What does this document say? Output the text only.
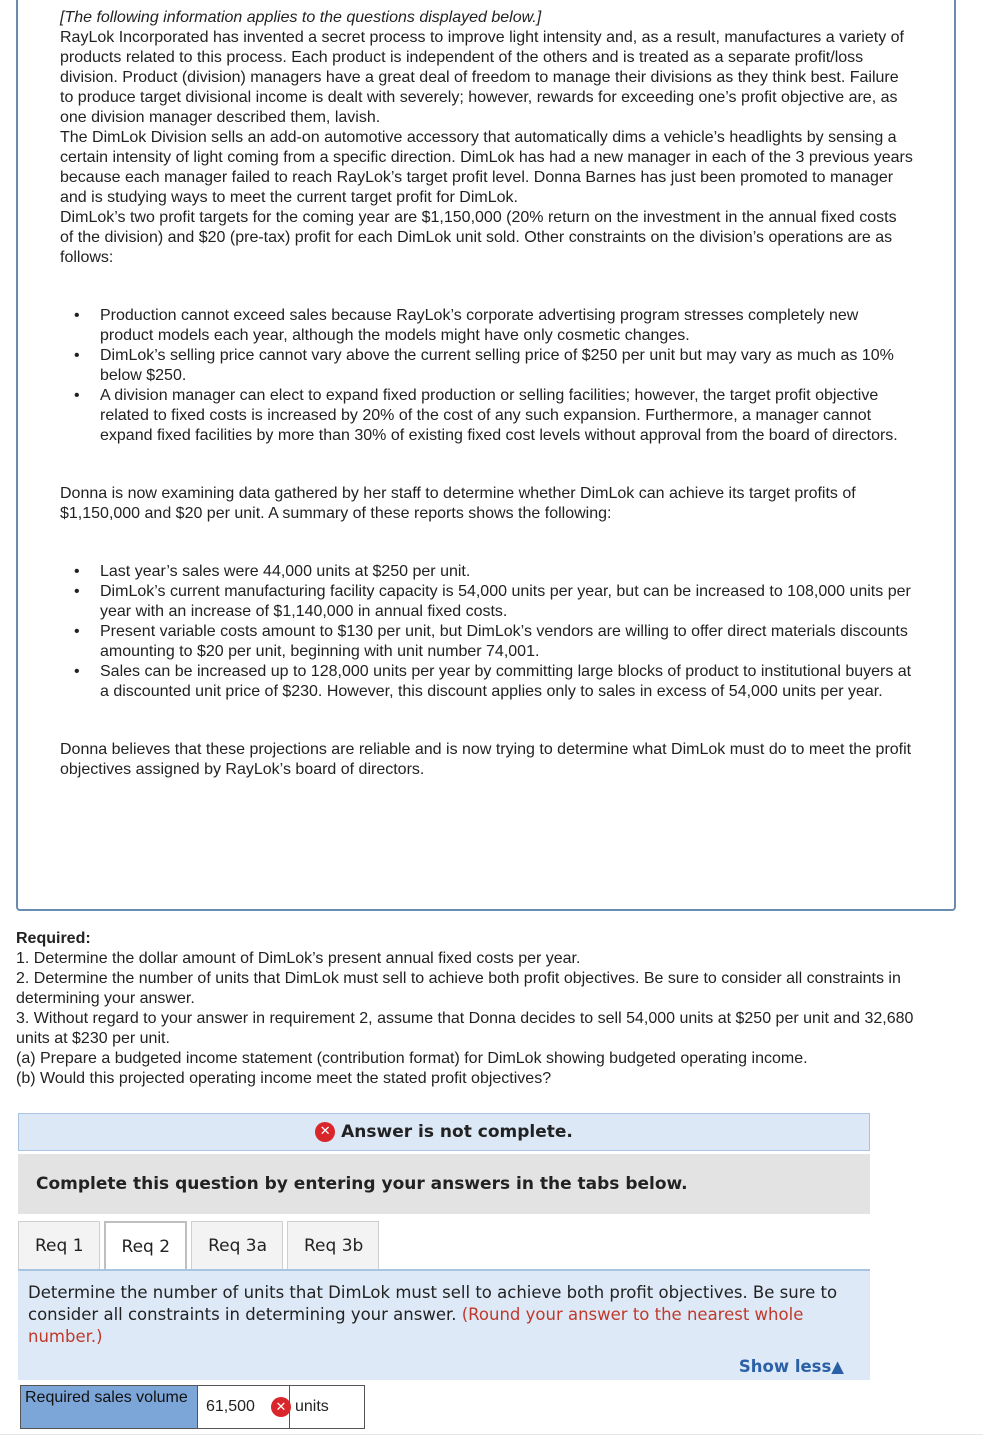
[The following information applies to the questions displayed below.]

RayLok Incorporated has invented a secret process to improve light intensity and, as a result, manufactures a variety of products related to this process. Each product is independent of the others and is treated as a separate profit/loss division. Product (division) managers have a great deal of freedom to manage their divisions as they think best. Failure to produce target divisional income is dealt with severely; however, rewards for exceeding one’s profit objective are, as one division manager described them, lavish.

The DimLok Division sells an add-on automotive accessory that automatically dims a vehicle’s headlights by sensing a certain intensity of light coming from a specific direction. DimLok has had a new manager in each of the 3 previous years because each manager failed to reach RayLok’s target profit level. Donna Barnes has just been promoted to manager and is studying ways to meet the current target profit for DimLok.

DimLok’s two profit targets for the coming year are $1,150,000 (20% return on the investment in the annual fixed costs of the division) and $20 (pre-tax) profit for each DimLok unit sold. Other constraints on the division’s operations are as follows:

• Production cannot exceed sales because RayLok’s corporate advertising program stresses completely new product models each year, although the models might have only cosmetic changes.
• DimLok’s selling price cannot vary above the current selling price of $250 per unit but may vary as much as 10% below $250.
• A division manager can elect to expand fixed production or selling facilities; however, the target profit objective related to fixed costs is increased by 20% of the cost of any such expansion. Furthermore, a manager cannot expand fixed facilities by more than 30% of existing fixed cost levels without approval from the board of directors.

Donna is now examining data gathered by her staff to determine whether DimLok can achieve its target profits of $1,150,000 and $20 per unit. A summary of these reports shows the following:

• Last year’s sales were 44,000 units at $250 per unit.
• DimLok’s current manufacturing facility capacity is 54,000 units per year, but can be increased to 108,000 units per year with an increase of $1,140,000 in annual fixed costs.
• Present variable costs amount to $130 per unit, but DimLok’s vendors are willing to offer direct materials discounts amounting to $20 per unit, beginning with unit number 74,001.
• Sales can be increased up to 128,000 units per year by committing large blocks of product to institutional buyers at a discounted unit price of $230. However, this discount applies only to sales in excess of 54,000 units per year.

Donna believes that these projections are reliable and is now trying to determine what DimLok must do to meet the profit objectives assigned by RayLok’s board of directors.

Required:

1. Determine the dollar amount of DimLok’s present annual fixed costs per year.

2. Determine the number of units that DimLok must sell to achieve both profit objectives. Be sure to consider all constraints in determining your answer.

3. Without regard to your answer in requirement 2, assume that Donna decides to sell 54,000 units at $250 per unit and 32,680 units at $230 per unit.

(a) Prepare a budgeted income statement (contribution format) for DimLok showing budgeted operating income.

(b) Would this projected operating income meet the stated profit objectives?

✕ Answer is not complete.
Complete this question by entering your answers in the tabs below.
Req 1	Req 2	Req 3a	Req 3b
Determine the number of units that DimLok must sell to achieve both profit objectives. Be sure to consider all constraints in determining your answer. (Round your answer to the nearest whole number.)
Show less▲
Required sales volume
61,500	✕ units
